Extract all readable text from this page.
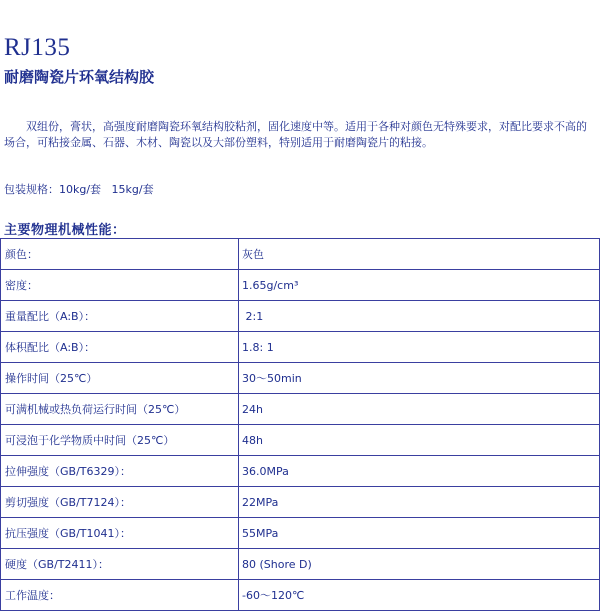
RJ135
耐磨陶瓷片环氧结构胶
双组份，膏状，高强度耐磨陶瓷环氧结构胶粘剂，固化速度中等。适用于各种对颜色无特殊要求，对配比要求不高的场合，可粘接金属、石器、木材、陶瓷以及大部份塑料，特别适用于耐磨陶瓷片的粘接。
包装规格：10kg/套   15kg/套
主要物理机械性能：
颜色：	灰色
密度：	1.65g/cm³
重量配比（A:B）：	2:1
体积配比（A:B）：	1.8: 1
操作时间（25℃）	30～50min
可满机械或热负荷运行时间（25℃）	24h
可浸泡于化学物质中时间（25℃）	48h
拉伸强度（GB/T6329）：	36.0MPa
剪切强度（GB/T7124）：	22MPa
抗压强度（GB/T1041）：	55MPa
硬度（GB/T2411）：	80 (Shore D)
工作温度：	-60～120℃
